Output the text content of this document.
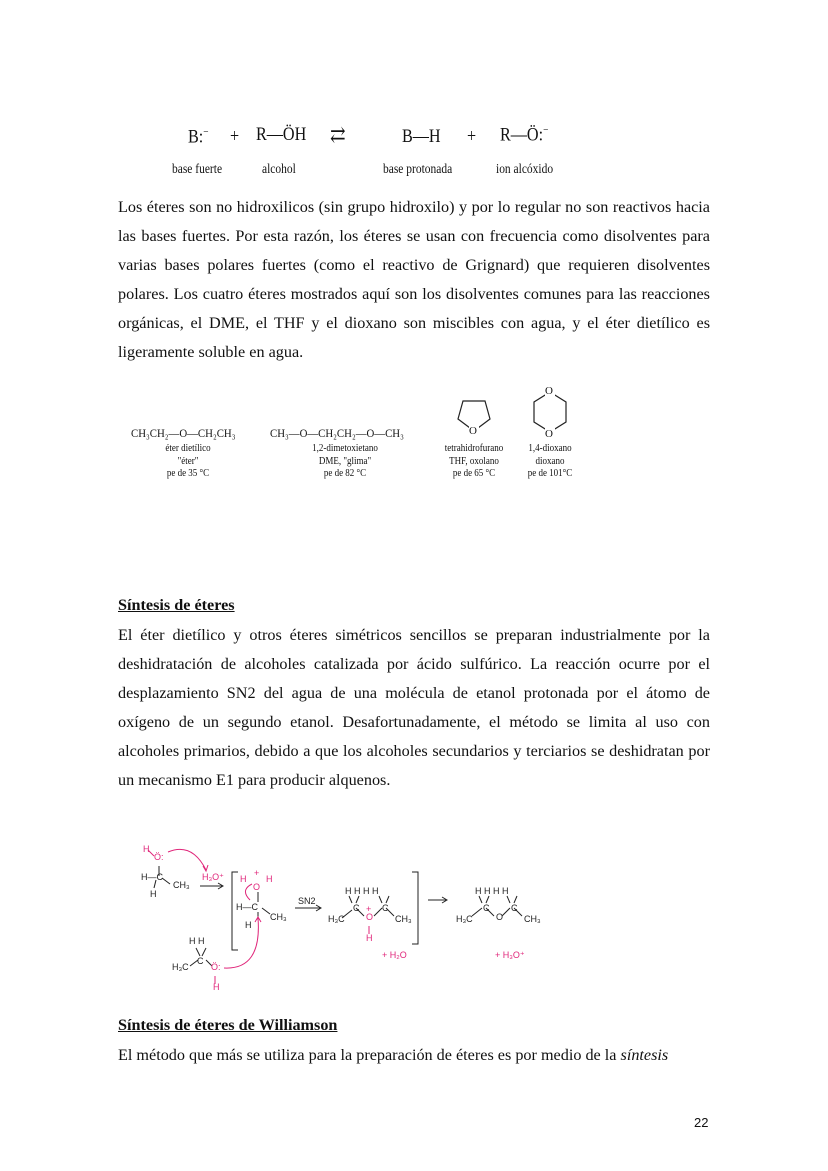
B:− + R—ÖH ⇄	B—H + R—Ö:−
base fuerte	alcohol	base protonada	ion alcóxido
Los éteres son no hidroxilicos (sin grupo hidroxilo) y por lo regular no son reactivos hacia las bases fuertes. Por esta razón, los éteres se usan con frecuencia como disolventes para varias bases polares fuertes (como el reactivo de Grignard) que requieren disolventes polares. Los cuatro éteres mostrados aquí son los disolventes comunes para las reacciones orgánicas, el DME, el THF y el dioxano son miscibles con agua, y el éter dietílico es ligeramente soluble en agua.
CH₃CH₂—O—CH₂CH₃
éter dietílico
"éter"
pe de 35 °C
CH₃—O—CH₂CH₂—O—CH₃
1,2-dimetoxietano
DME, "glima"
pe de 82 °C
O
tetrahidrofurano
THF, oxolano
pe de 65 °C
O
O
1,4-dioxano
dioxano
pe de 101°C
Síntesis de éteres
El éter dietílico y otros éteres simétricos sencillos se preparan industrialmente por la deshidratación de alcoholes catalizada por ácido sulfúrico. La reacción ocurre por el desplazamiento SN2 del agua de una molécula de etanol protonada por el átomo de oxígeno de un segundo etanol. Desafortunadamente, el método se limita al uso con alcoholes primarios, debido a que los alcoholes secundarios y terciarios se deshidratan por un mecanismo E1 para producir alquenos.
H
Ö:
H—C
CH₃
H
H₃O⁺ H
+
H
O
H—C
CH₃
H
H H
C
H₃C Ö:
H
SN2
H H H H
H₃C
C +
O
C
CH₃
H
+ H₂O
H H H H
H₃C
C
O
C
CH₃
+ H₃O⁺
Síntesis de éteres de Williamson
El método que más se utiliza para la preparación de éteres es por medio de la síntesis
22
